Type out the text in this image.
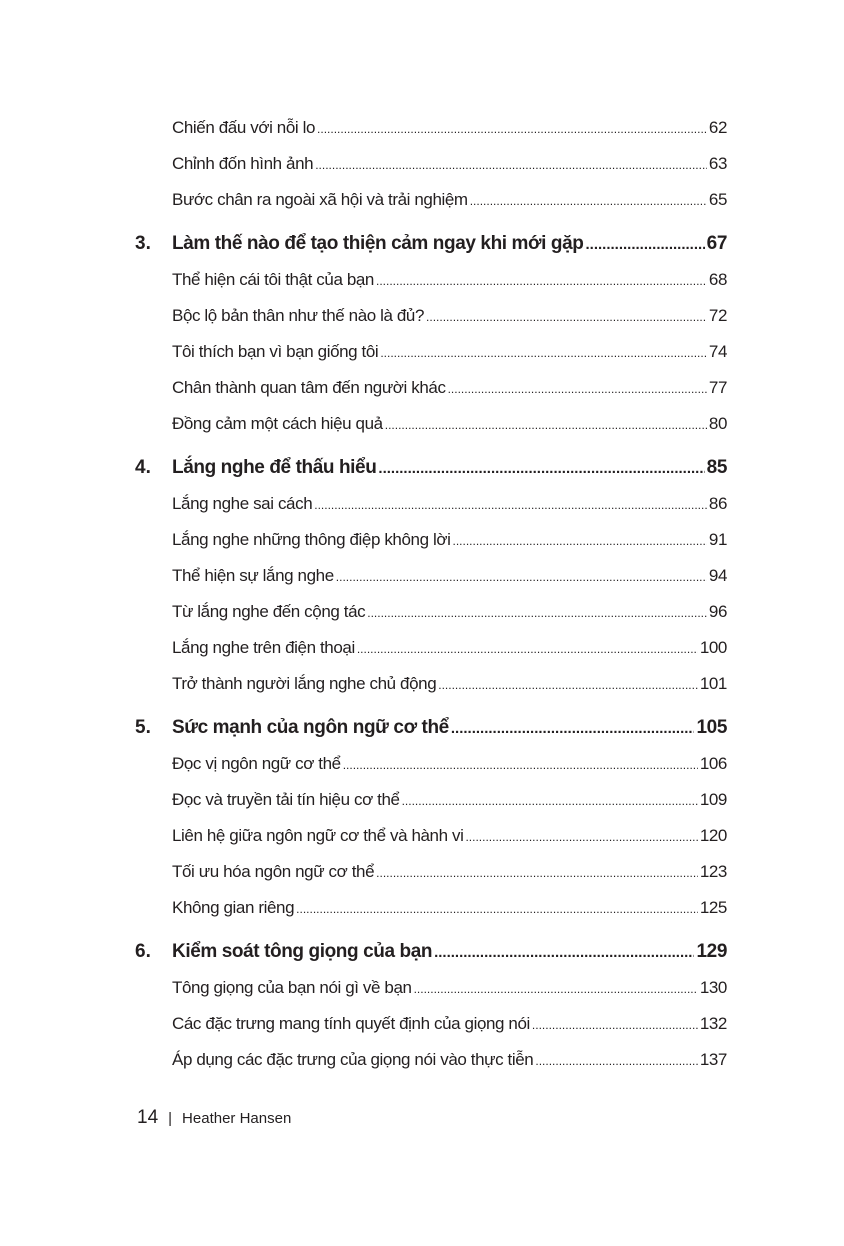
Chiến đấu với nỗi lo .....	62
Chỉnh đốn hình ảnh .....	63
Bước chân ra ngoài xã hội và trải nghiệm .....	65
3.	Làm thế nào để tạo thiện cảm ngay khi mới gặp .....	67
Thể hiện cái tôi thật của bạn .....	68
Bộc lộ bản thân như thế nào là đủ? .....	72
Tôi thích bạn vì bạn giống tôi .....	74
Chân thành quan tâm đến người khác .....	77
Đồng cảm một cách hiệu quả .....	80
4.	Lắng nghe để thấu hiểu .....	85
Lắng nghe sai cách .....	86
Lắng nghe những thông điệp không lời .....	91
Thể hiện sự lắng nghe .....	94
Từ lắng nghe đến cộng tác .....	96
Lắng nghe trên điện thoại .....	100
Trở thành người lắng nghe chủ động .....	101
5.	Sức mạnh của ngôn ngữ cơ thể .....	105
Đọc vị ngôn ngữ cơ thể .....	106
Đọc và truyền tải tín hiệu cơ thể .....	109
Liên hệ giữa ngôn ngữ cơ thể và hành vi .....	120
Tối ưu hóa ngôn ngữ cơ thể .....	123
Không gian riêng .....	125
6.	Kiểm soát tông giọng của bạn .....	129
Tông giọng của bạn nói gì về bạn .....	130
Các đặc trưng mang tính quyết định của giọng nói .....	132
Áp dụng các đặc trưng của giọng nói vào thực tiễn .....	137
14 | Heather Hansen
